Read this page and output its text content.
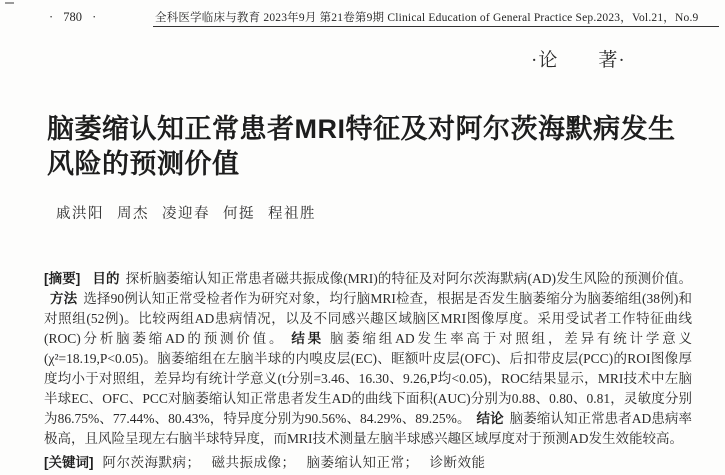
· 780 ·	全科医学临床与教育 2023年9月 第21卷第9期 Clinical Education of General Practice Sep.2023，Vol.21，No.9
·论　　著·
脑萎缩认知正常患者MRI特征及对阿尔茨海默病发生
风险的预测价值
戚洪阳 周杰 凌迎春 何挺 程祖胜

[摘要] 目的 探析脑萎缩认知正常患者磁共振成像(MRI)的特征及对阿尔茨海默病(AD)发生风险的预测价值。方法 选择90例认知正常受检者作为研究对象，均行脑MRI检查，根据是否发生脑萎缩分为脑萎缩组(38例)和对照组(52例)。比较两组AD患病情况，以及不同感兴趣区域脑区MRI图像厚度。采用受试者工作特征曲线(ROC)分析脑萎缩AD的预测价值。 结果 脑萎缩组AD发生率高于对照组，差异有统计学意义(χ²=18.19,P<0.05)。脑萎缩组在左脑半球的内嗅皮层(EC)、眶额叶皮层(OFC)、后扣带皮层(PCC)的ROI图像厚度均小于对照组，差异均有统计学意义(t分别=3.46、16.30、9.26,P均<0.05)，ROC结果显示，MRI技术中左脑半球EC、OFC、PCC对脑萎缩认知正常患者发生AD的曲线下面积(AUC)分别为0.88、0.80、0.81，灵敏度分别为86.75%、77.44%、80.43%，特异度分别为90.56%、84.29%、89.25%。 结论 脑萎缩认知正常患者AD患病率极高，且风险呈现左右脑半球特异度，而MRI技术测量左脑半球感兴趣区域厚度对于预测AD发生效能较高。

[关键词] 阿尔茨海默病； 磁共振成像； 脑萎缩认知正常； 诊断效能
